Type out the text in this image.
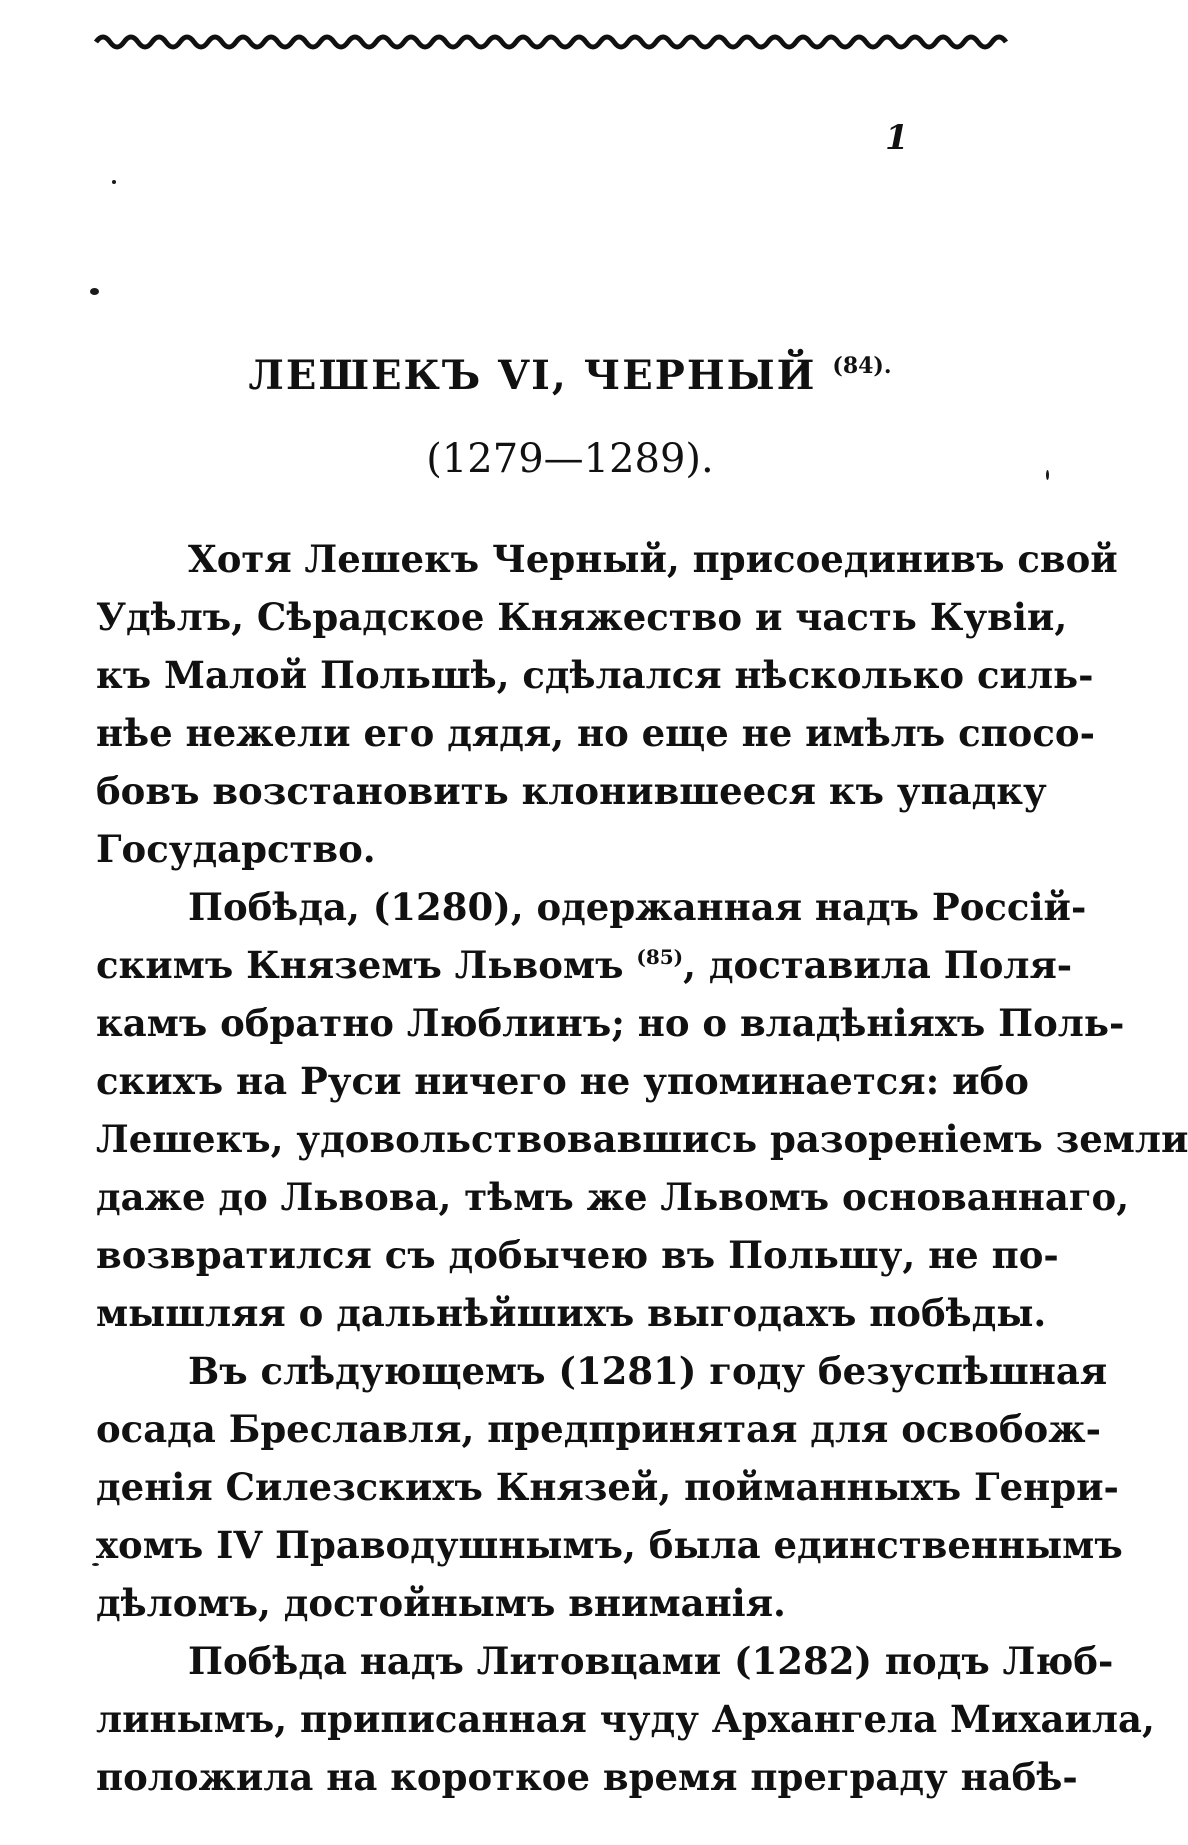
1
ЛЕШЕКЪ VI, ЧЕРНЫЙ $^{(84).}$
(1279—1289).
Хотя Лешекъ Черный, присоединивъ свой
Удѣлъ, Сѣрадское Княжество и часть Кувіи,
къ Малой Польшѣ, сдѣлался нѣсколько силь-
нѣе нежели его дядя, но еще не имѣлъ спосо-
бовъ возстановить клонившееся къ упадку
Государство.
Побѣда, (1280), одержанная надъ Россій-
скимъ Княземъ Львомъ $^{(85)}$, доставила Поля-
камъ обратно Люблинъ; но о владѣніяхъ Поль-
скихъ на Руси ничего не упоминается: ибо
Лешекъ, удовольствовавшись разореніемъ земли
даже до Львова, тѣмъ же Львомъ основаннаго,
возвратился съ добычею въ Польшу, не по-
мышляя о дальнѣйшихъ выгодахъ побѣды.
Въ слѣдующемъ (1281) году безуспѣшная
осада Бреславля, предпринятая для освобож-
денія Силезскихъ Князей, пойманныхъ Генри-
хомъ IV Праводушнымъ, была единственнымъ
дѣломъ, достойнымъ вниманія.
Побѣда надъ Литовцами (1282) подъ Люб-
линымъ, приписанная чуду Архангела Михаила,
положила на короткое время преграду набѣ-
